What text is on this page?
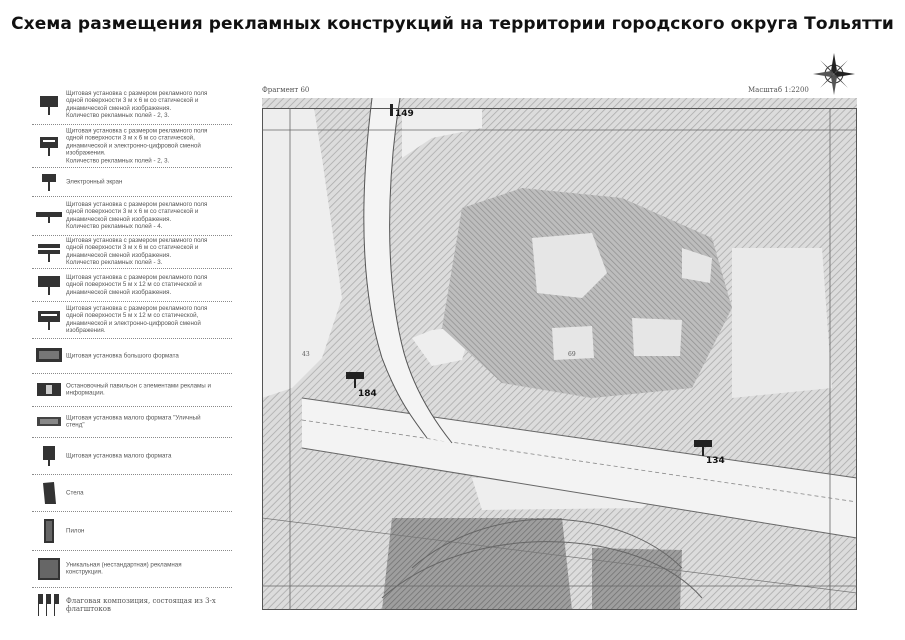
Схема размещения рекламных конструкций на территории городского округа Тольятти
Щитовая установка с размером рекламного поля
одной поверхности 3 м х 6 м со статической и
динамической сменой изображения.
Количество рекламных полей - 2, 3.
Щитовая установка с размером рекламного поля
одной поверхности 3 м х 6 м со статической,
динамической и электронно-цифровой сменой
изображения.
Количество рекламных полей - 2, 3.
Электронный экран
Щитовая установка с размером рекламного поля
одной поверхности 3 м х 6 м со статической и
динамической сменой изображения.
Количество рекламных полей - 4.
Щитовая установка с размером рекламного поля
одной поверхности 3 м х 6 м со статической и
динамической сменой изображения.
Количество рекламных полей - 3.
Щитовая установка с размером рекламного поля
одной поверхности 5 м х 12 м со статической и
динамической сменой изображения.
Щитовая установка с размером рекламного поля
одной поверхности 5 м х 12 м со статической,
динамической и электронно-цифровой сменой
изображения.
Щитовая установка большого формата
Остановочный павильон с элементами рекламы и
информации.
Щитовая установка малого формата "Уличный
стенд"
Щитовая установка малого формата
Стела
Пилон
Уникальная (нестандартная) рекламная
конструкция.
Флаговая композиция, состоящая из 3-х
флагштоков
Фрагмент 60	Масштаб 1:2200
43	69
149
184
134
